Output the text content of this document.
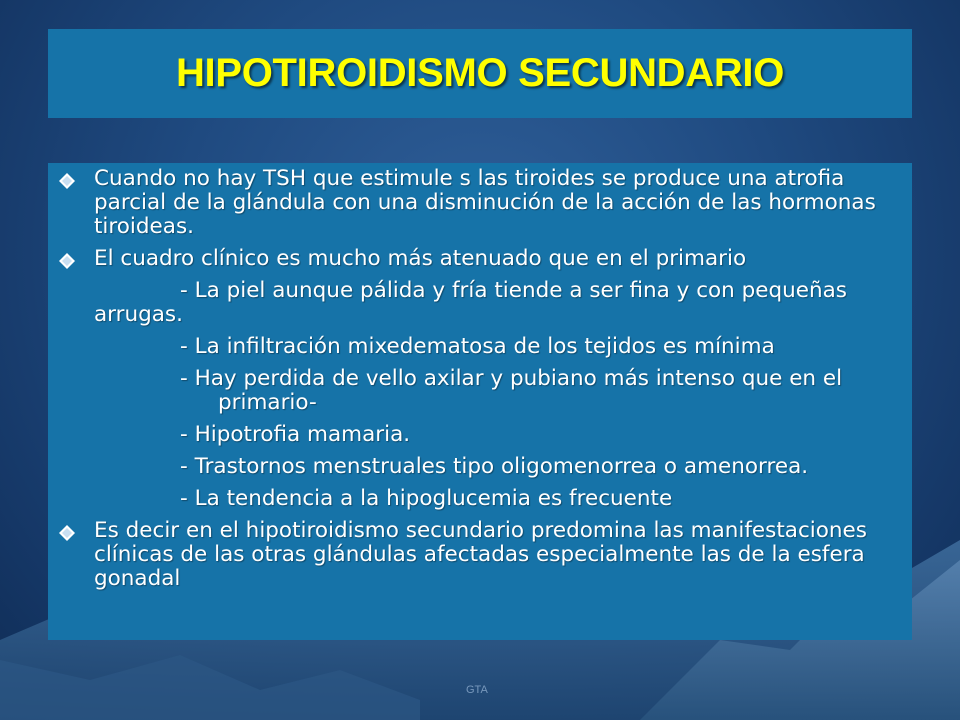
HIPOTIROIDISMO SECUNDARIO
Cuando no hay TSH que estimule s las tiroides se produce una atrofia parcial de la glándula con una disminución de la acción de las hormonas tiroideas.
El cuadro clínico es mucho más atenuado que en el primario
- La piel aunque pálida y fría tiende a ser fina y con pequeñas arrugas.
- La infiltración mixedematosa de los tejidos es mínima
- Hay perdida de vello axilar y pubiano más intenso que en elprimario-
- Hipotrofia mamaria.
- Trastornos menstruales tipo oligomenorrea o amenorrea.
- La tendencia a la hipoglucemia es frecuente
Es decir en el hipotiroidismo secundario predomina las manifestaciones clínicas de las otras glándulas afectadas especialmente las de la esfera gonadal
GTA
